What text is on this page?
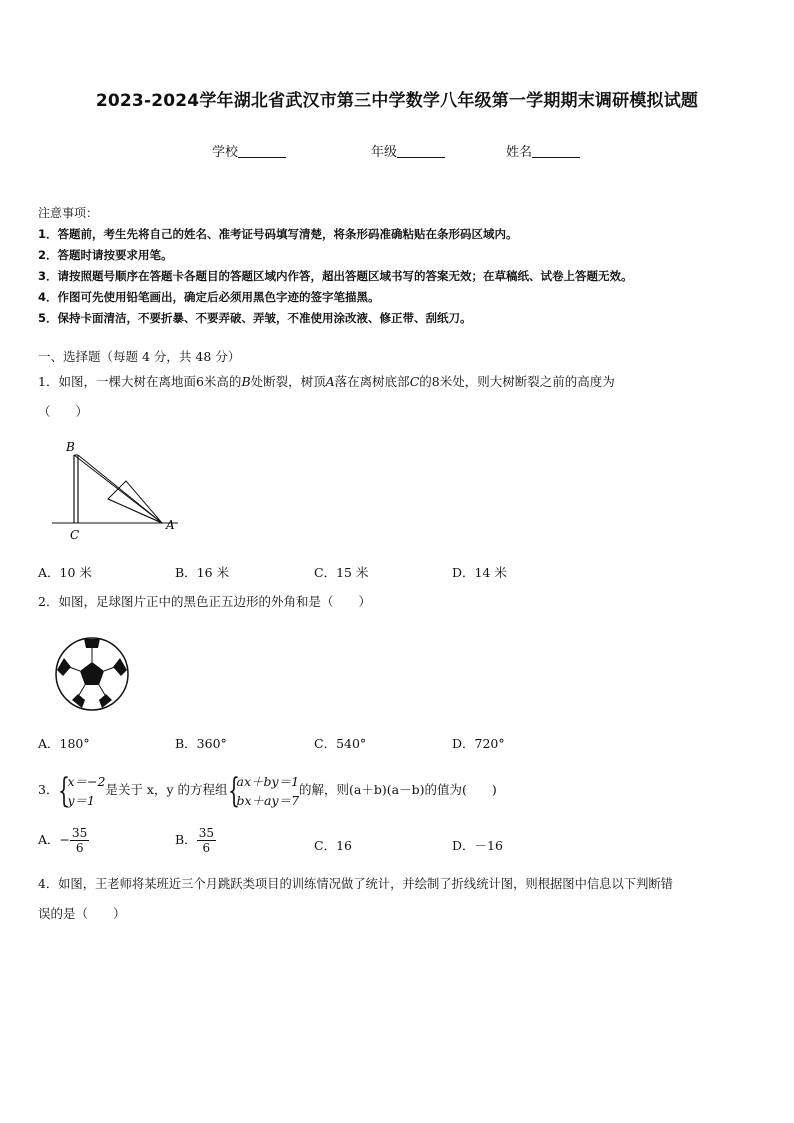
2023-2024学年湖北省武汉市第三中学数学八年级第一学期期末调研模拟试题
学校	年级	姓名
注意事项：
1．答题前，考生先将自己的姓名、准考证号码填写清楚，将条形码准确粘贴在条形码区域内。
2．答题时请按要求用笔。
3．请按照题号顺序在答题卡各题目的答题区域内作答，超出答题区域书写的答案无效；在草稿纸、试卷上答题无效。
4．作图可先使用铅笔画出，确定后必须用黑色字迹的签字笔描黑。
5．保持卡面清洁，不要折暴、不要弄破、弄皱，不准使用涂改液、修正带、刮纸刀。
一、选择题（每题 4 分，共 48 分）
1．如图，一棵大树在离地面6米高的B处断裂，树顶A落在离树底部C的8米处，则大树断裂之前的高度为
（　　）
B
C
A
A．10 米	B．16 米	C．15 米	D．14 米
2．如图，足球图片正中的黑色正五边形的外角和是（　　）
A．180°	B．360°	C．540°	D．720°
3． {
x＝−2
y＝1
是关于 x，y 的方程组 {
ax＋by＝1
bx＋ay＝7
的解，则(a＋b)(a－b)的值为(　　)
A．− $\frac{35}{6}$	B． $\frac{35}{6}$	C．16	D．－16
4．如图，王老师将某班近三个月跳跃类项目的训练情况做了统计，并绘制了折线统计图，则根据图中信息以下判断错
误的是（　　）
